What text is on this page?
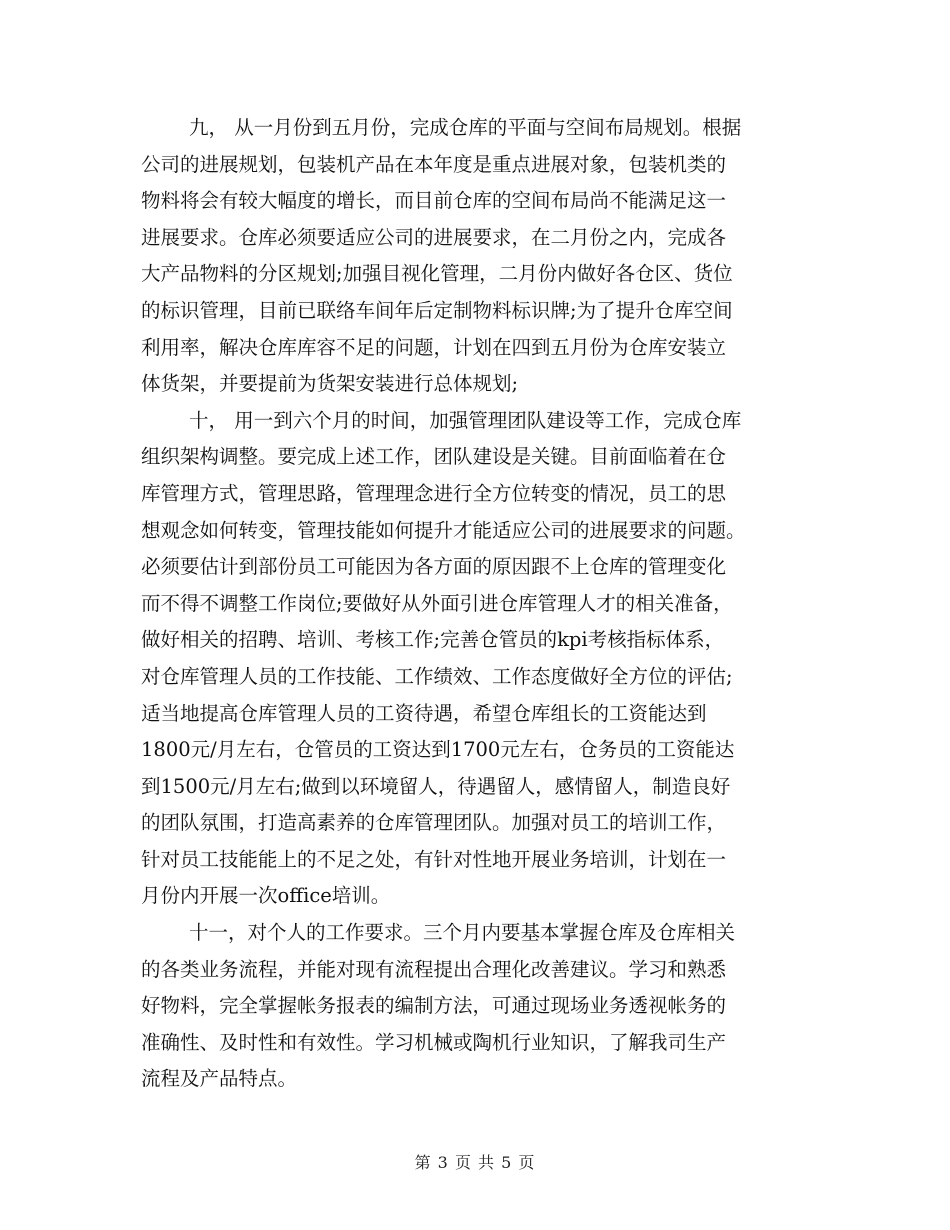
九， 从一月份到五月份，完成仓库的平面与空间布局规划。根据
公司的进展规划，包装机产品在本年度是重点进展对象，包装机类的
物料将会有较大幅度的增长，而目前仓库的空间布局尚不能满足这一
进展要求。仓库必须要适应公司的进展要求，在二月份之内，完成各
大产品物料的分区规划;加强目视化管理，二月份内做好各仓区、货位
的标识管理，目前已联络车间年后定制物料标识牌;为了提升仓库空间
利用率，解决仓库库容不足的问题，计划在四到五月份为仓库安装立
体货架，并要提前为货架安装进行总体规划;
十， 用一到六个月的时间，加强管理团队建设等工作，完成仓库
组织架构调整。要完成上述工作，团队建设是关键。目前面临着在仓
库管理方式，管理思路，管理理念进行全方位转变的情况，员工的思
想观念如何转变，管理技能如何提升才能适应公司的进展要求的问题。
必须要估计到部份员工可能因为各方面的原因跟不上仓库的管理变化
而不得不调整工作岗位;要做好从外面引进仓库管理人才的相关准备，
做好相关的招聘、培训、考核工作;完善仓管员的kpi考核指标体系，
对仓库管理人员的工作技能、工作绩效、工作态度做好全方位的评估;
适当地提高仓库管理人员的工资待遇，希望仓库组长的工资能达到
1800元/月左右，仓管员的工资达到1700元左右，仓务员的工资能达
到1500元/月左右;做到以环境留人，待遇留人，感情留人，制造良好
的团队氛围，打造高素养的仓库管理团队。加强对员工的培训工作，
针对员工技能能上的不足之处，有针对性地开展业务培训，计划在一
月份内开展一次office培训。
十一，对个人的工作要求。三个月内要基本掌握仓库及仓库相关
的各类业务流程，并能对现有流程提出合理化改善建议。学习和熟悉
好物料，完全掌握帐务报表的编制方法，可通过现场业务透视帐务的
准确性、及时性和有效性。学习机械或陶机行业知识，了解我司生产
流程及产品特点。
第 3 页 共 5 页
